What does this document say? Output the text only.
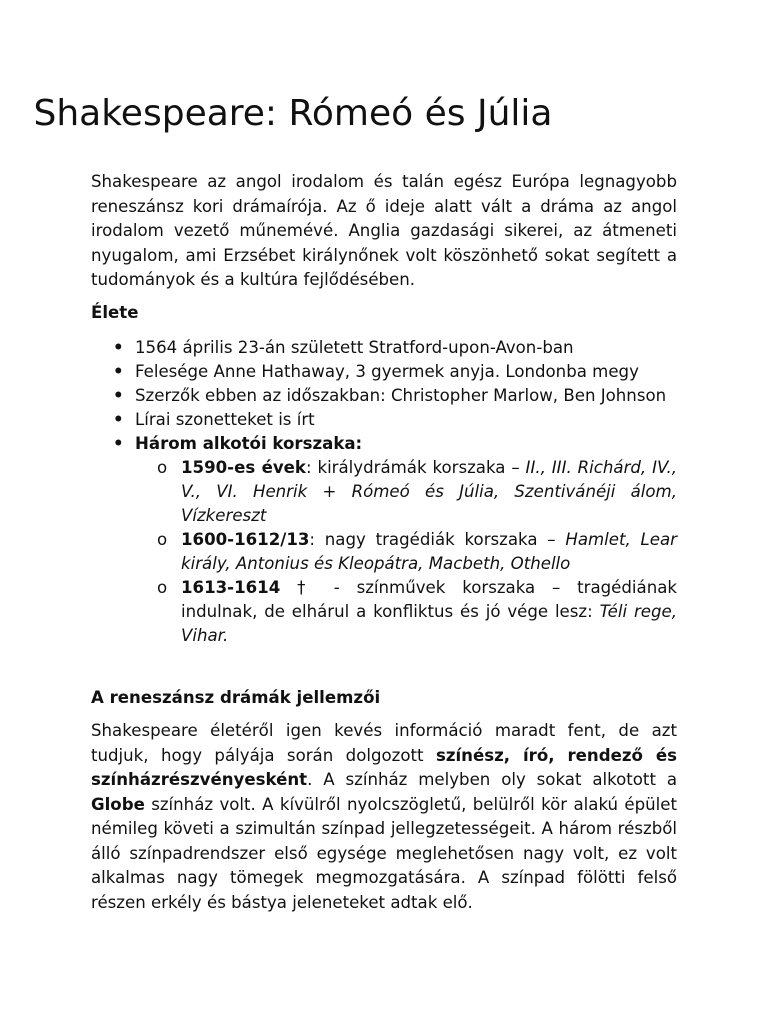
Shakespeare: Rómeó és Júlia

Shakespeare az angol irodalom és talán egész Európa legnagyobb reneszánsz kori drámaírója. Az ő ideje alatt vált a dráma az angol irodalom vezető műnemévé. Anglia gazdasági sikerei, az átmeneti nyugalom, ami Erzsébet királynőnek volt köszönhető sokat segített a tudományok és a kultúra fejlődésében.

Élete
• 1564 április 23-án született Stratford-upon-Avon-ban
• Felesége Anne Hathaway, 3 gyermek anyja. Londonba megy
• Szerzők ebben az időszakban: Christopher Marlow, Ben Johnson
• Lírai szonetteket is írt
• Három alkotói korszaka:
o 1590-es évek: királydrámák korszaka – II., III. Richárd, IV., V., VI. Henrik + Rómeó és Júlia, Szentivánéji álom, Vízkereszt
o 1600-1612/13: nagy tragédiák korszaka – Hamlet, Lear király, Antonius és Kleopátra, Macbeth, Othello
o 1613-1614 † - színművek korszaka – tragédiának indulnak, de elhárul a konfliktus és jó vége lesz: Téli rege, Vihar.
A reneszánsz drámák jellemzői

Shakespeare életéről igen kevés információ maradt fent, de azt tudjuk, hogy pályája során dolgozott színész, író, rendező és színházrészvényesként. A színház melyben oly sokat alkotott a Globe színház volt. A kívülről nyolcszögletű, belülről kör alakú épület némileg követi a szimultán színpad jellegzetességeit. A három részből álló színpadrendszer első egysége meglehetősen nagy volt, ez volt alkalmas nagy tömegek megmozgatására. A színpad fölötti felső részen erkély és bástya jeleneteket adtak elő.
